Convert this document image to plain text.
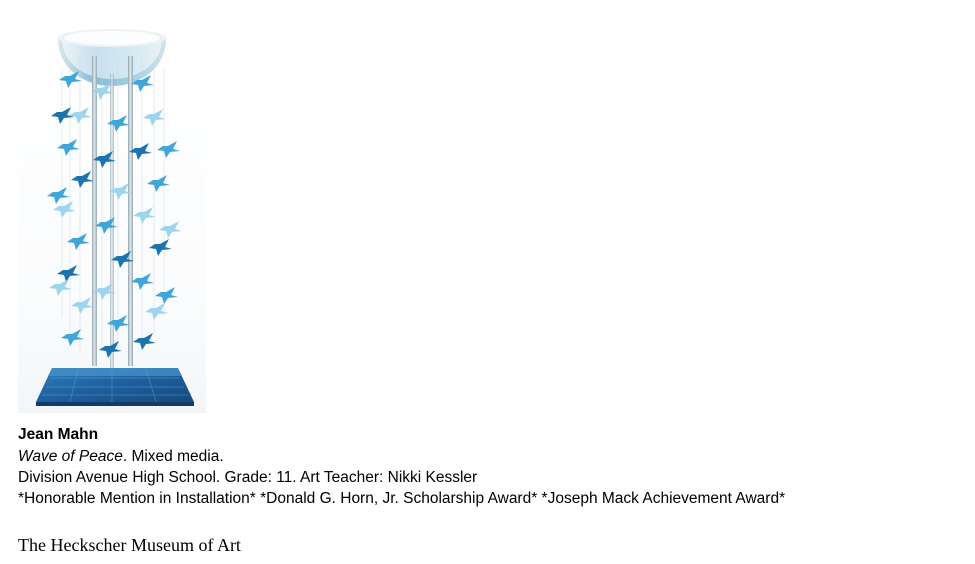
Jean Mahn
Wave of Peace. Mixed media.
Division Avenue High School. Grade: 11. Art Teacher: Nikki Kessler
*Honorable Mention in Installation* *Donald G. Horn, Jr. Scholarship Award* *Joseph Mack Achievement Award*
The Heckscher Museum of Art
